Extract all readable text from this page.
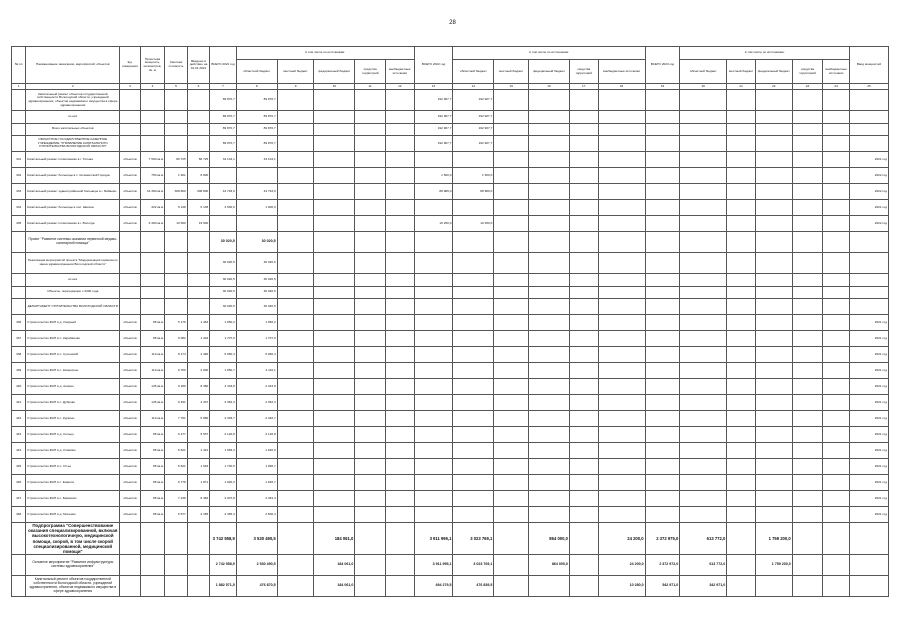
28
№ пп	Наименование заказчиков, мероприятий, объектов	Ед. измерения	Проектная мощность, километров, кв. м	Сметная стоимость	Введено в действие на 01.01.2021	ВСЕГО 2021 год	в том числе по источникам:					ВСЕГО 2022 год	в том числе по источникам:					ВСЕГО 2023 год	в том числе по источникам:					Ввод мощностей
							областной бюджет	местный бюджет	федеральный бюджет	средства территорий	внебюджетные источники		областной бюджет	местный бюджет	федеральный бюджет	средства территорий	внебюджетные источники		областной бюджет	местный бюджет	федеральный бюджет	средства территорий	внебюджетные источники	
1	2	3	4	5	6	7	8	9	10	11	12	13	14	15	16	17	18	19	20	21	22	23	24	25
	Капитальный ремонт объектов государственной собственности Вологодской области, учреждений здравоохранения, объектов недвижимого имущества в сфере здравоохранения					89 870,7	89 870,7					192 907,7	192 907,7											
	из них					89 870,7	89 870,7					192 907,7	192 907,7											
	Всего капитальных объектов					89 870,7	89 870,7					192 907,7	192 907,7											
	ОБЛАСТНОЕ ГОСУДАРСТВЕННОЕ КАЗЕННОЕ УЧРЕЖДЕНИЕ "УПРАВЛЕНИЕ КАПИТАЛЬНОГО СТРОИТЕЛЬСТВА ВОЛОГОДСКОЙ ОБЛАСТИ"					89 870,7	89 870,7					192 907,7	192 907,7											
431	Капитальный ремонт поликлиники в г. Тотьма	объектов	7 590 кв.м	86 725	86 725	34 104,1	34 104,1																	2021 год
432	Капитальный ремонт больницы в с. Кичменгский Городок	объектов	750 кв.м	1 921	8 800							1 500,0	1 500,0											2022 год
433	Капитальный ремонт здания районной больницы в г. Бабаево	объектов	16 390 кв.м	308 800	308 800	44 793,0	44 793,0					88 989,0	88 989,0											2022 год
434	Капитальный ремонт больницы в пос. Шексна	объектов	322 кв.м	6 138	6 138	4 500,0	1 000,0																	2021 год
435	Капитальный ремонт поликлиники в г. Вологда	объектов	6 490 кв.м	19 500	19 500							10 250,0	10 250,0											2022 год
	Проект "Развитие системы оказания первичной медико-санитарной помощи"					30 020,5	30 020,5																	
	Реализация мероприятий проекта "Модернизация первичного звена здравоохранения Вологодской области"					30 020,5	30 020,5																	
	из них					30 020,5	30 020,5																	
	Объекты, переходящие с 2020 года					30 020,5	30 020,5																	
	ДЕПАРТАМЕНТ СТРОИТЕЛЬСТВА ВОЛОГОДСКОЙ ОБЛАСТИ					30 020,5	30 020,5																	
436	Строительство ФАП в д. Озерный	объектов	85 кв.м	5 176	1 464	1 950,2	1 950,2																	2021 год
437	Строительство ФАП в п. Карабаново	объектов	85 кв.м	6 082	1 404	1 707,0	1 707,0																	2021 год
438	Строительство ФАП в п. Сухонский	объектов	110 кв.м	8 174	2 490	5 060,4	5 060,4																	2021 год
439	Строительство ФАП в с. Кеменское	объектов	110 кв.м	9 760	2 000	1 950,7	4 110,1																	2021 год
440	Строительство ФАП в д. Аннино	объектов	145 кв.м	9 180	8 480	2 433,8	2 433,8																	2021 год
441	Строительство ФАП в с. Дуброво	объектов	145 кв.м	9 491	2 337	2 352,3	2 352,3																	2021 год
442	Строительство ФАП в с. Куркино	объектов	110 кв.м	7 791	5 980	2 393,7	2 440,7																	2021 год
443	Строительство ФАП в д. Сельцо	объектов	85 кв.м	6 477	6 537	2 120,8	2 120,8																	2021 год
444	Строительство ФАП в д. Климово	объектов	85 кв.м	6 621	1 421	1 965,3	1 920,9																	2021 год
445	Строительство ФАП в п. Устье	объектов	85 кв.м	6 621	1 618	1 740,5	1 990,7																	2021 год
446	Строительство ФАП в с. Енангск	объектов	85 кв.м	6 778	1 871	1 920,3	1 920,7																	2021 год
447	Строительство ФАП в с. Биряково	объектов	85 кв.м	7 248	8 482	2 007,8	2 454,4																	2021 год
448	Строительство ФАП в д. Мосеево	объектов	85 кв.м	6 577	2 155	2 455,4	2 500,4																	2021 год
	Подпрограмма "Совершенствование оказания специализированной, включая высокотехнологичную, медицинской помощи, скорой, в том числе скорой специализированной, медицинской помощи"					3 742 558,9	3 530 490,5		184 061,0			3 911 995,1	3 023 769,1		864 000,0		24 200,0	2 372 975,0	613 772,0		1 759 200,0			
	Основное мероприятие "Развитие инфраструктуры системы здравоохранения"					2 742 558,9	2 530 490,5		184 061,0			3 911 995,1	3 023 769,1		864 000,0		24 200,0	2 372 972,0	613 772,0		1 759 200,0			
	Капитальный ремонт объектов государственной собственности Вологодской области, учреждений здравоохранения, объектов недвижимого имущества в сфере здравоохранения					1 882 571,5	476 870,5		184 061,0			494 279,5	476 839,5				10 280,0	542 971,0	342 971,0					
